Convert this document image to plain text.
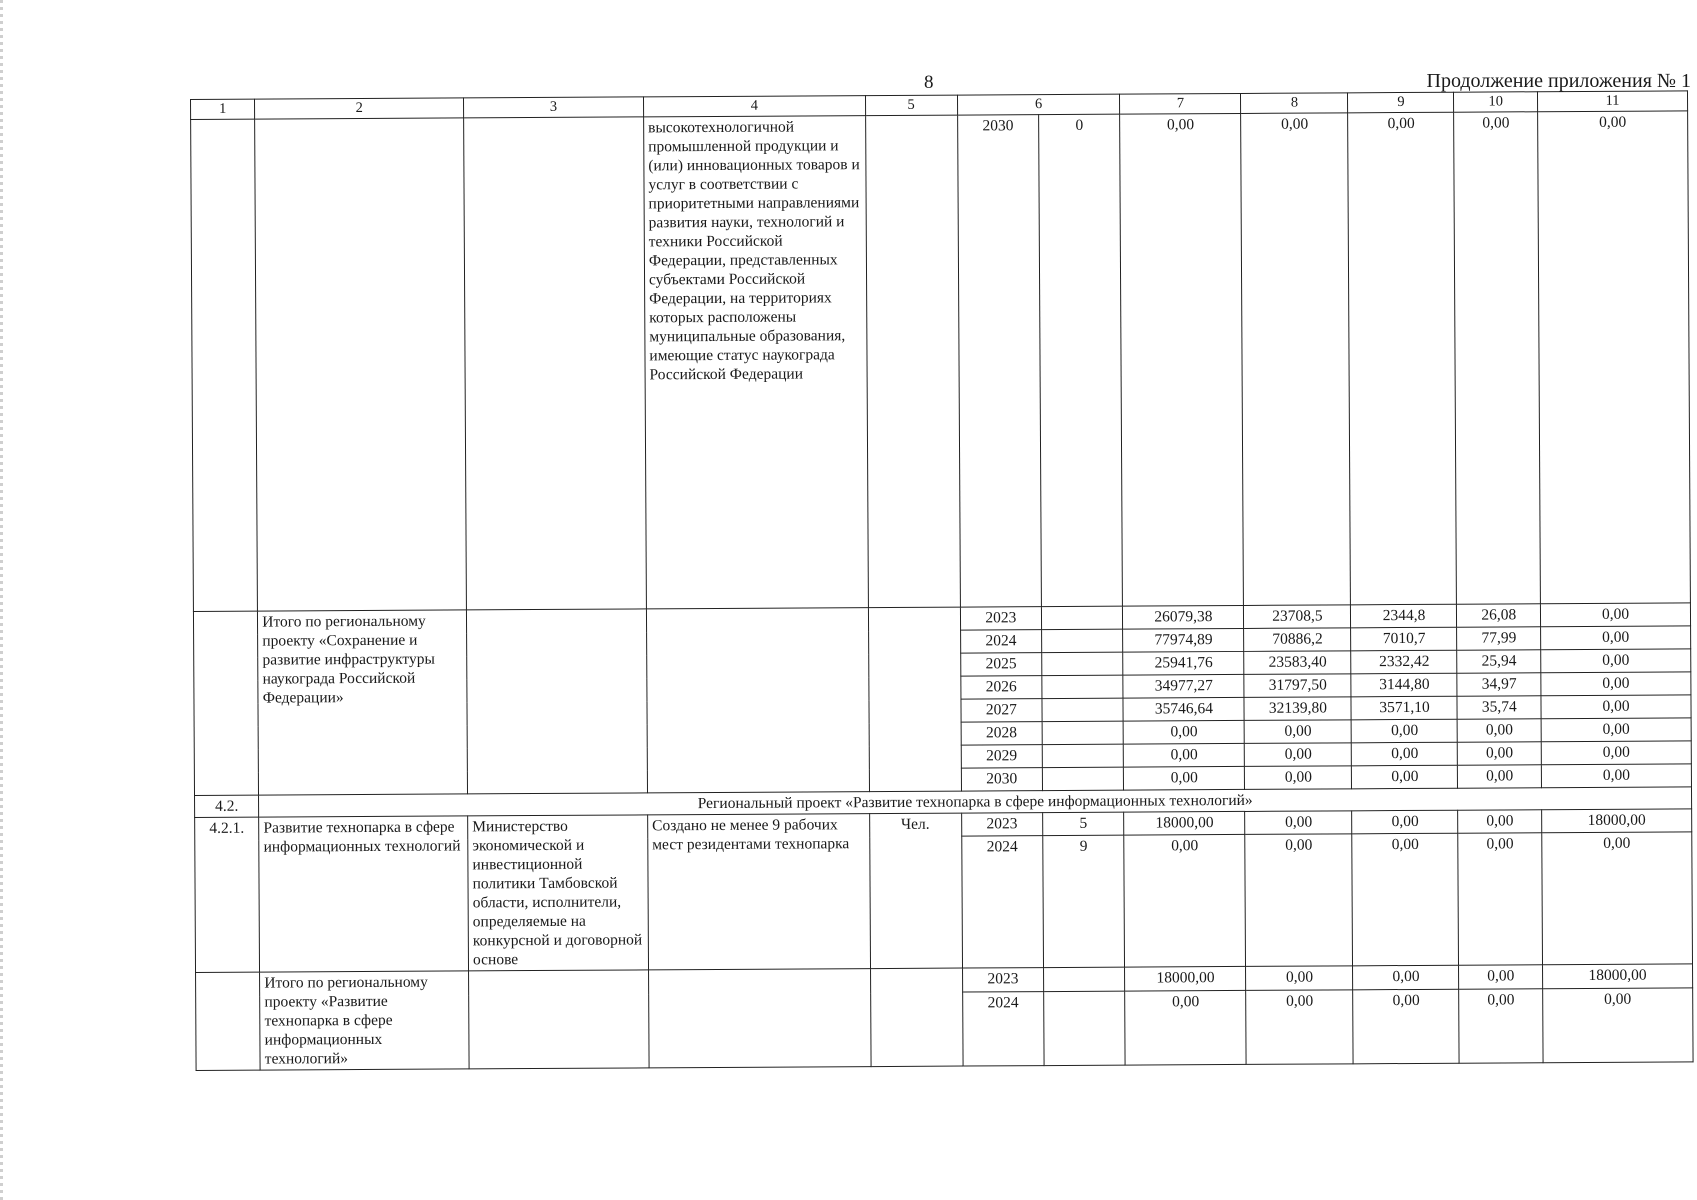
8	Продолжение приложения № 1
1	2	3	4	5	6		7	8	9	10	11
			высокотехнологичной промышленной продукции и (или) инновационных товаров и услуг в соответствии с приоритетными направлениями развития науки, технологий и техники Российской Федерации, представленных субъектами Российской Федерации, на территориях которых расположены муниципальные образования, имеющие статус наукограда Российской Федерации		2030	0	0,00	0,00	0,00	0,00	0,00
	Итого по региональному проекту «Сохранение и развитие инфраструктуры наукограда Российской Федерации»				2023		26079,38	23708,5	2344,8	26,08	0,00
					2024		77974,89	70886,2	7010,7	77,99	0,00
					2025		25941,76	23583,40	2332,42	25,94	0,00
					2026		34977,27	31797,50	3144,80	34,97	0,00
					2027		35746,64	32139,80	3571,10	35,74	0,00
					2028		0,00	0,00	0,00	0,00	0,00
					2029		0,00	0,00	0,00	0,00	0,00
					2030		0,00	0,00	0,00	0,00	0,00
4.2.	Региональный проект «Развитие технопарка в сфере информационных технологий»										
4.2.1.	Развитие технопарка в сфере информационных технологий	Министерство экономической и инвестиционной политики Тамбовской области, исполнители, определяемые на конкурсной и договорной основе	Создано не менее 9 рабочих мест резидентами технопарка	Чел.	2023	5	18000,00	0,00	0,00	0,00	18000,00
					2024	9	0,00	0,00	0,00	0,00	0,00
	Итого по региональному проекту «Развитие технопарка в сфере информационных технологий»				2023		18000,00	0,00	0,00	0,00	18000,00
					2024		0,00	0,00	0,00	0,00	0,00
